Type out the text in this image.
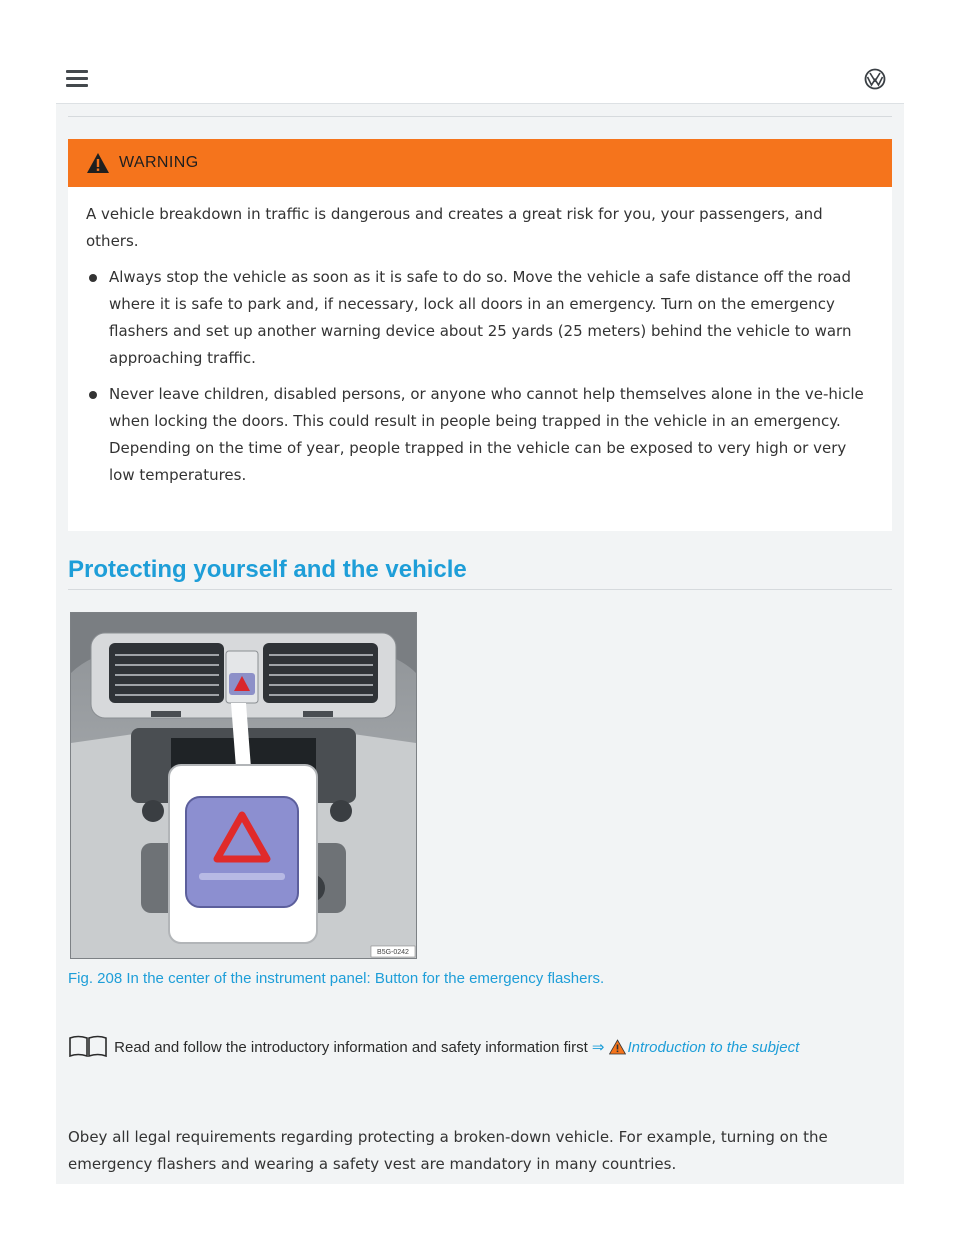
WARNING

A vehicle breakdown in traffic is dangerous and creates a great risk for you, your passengers, and others.

Always stop the vehicle as soon as it is safe to do so. Move the vehicle a safe distance off the road where it is safe to park and, if necessary, lock all doors in an emergency. Turn on the emergency flashers and set up another warning device about 25 yards (25 meters) behind the vehicle to warn approaching traffic.
Never leave children, disabled persons, or anyone who cannot help themselves alone in the ve-hicle when locking the doors. This could result in people being trapped in the vehicle in an emergency. Depending on the time of year, people trapped in the vehicle can be exposed to very high or very low temperatures.
Protecting yourself and the vehicle
B5G-0242
Fig. 208 In the center of the instrument panel: Button for the emergency flashers.
Read and follow the introductory information and safety information first ⇒ Introduction to the subject
Obey all legal requirements regarding protecting a broken-down vehicle. For example, turning on the emergency flashers and wearing a safety vest are mandatory in many countries.
